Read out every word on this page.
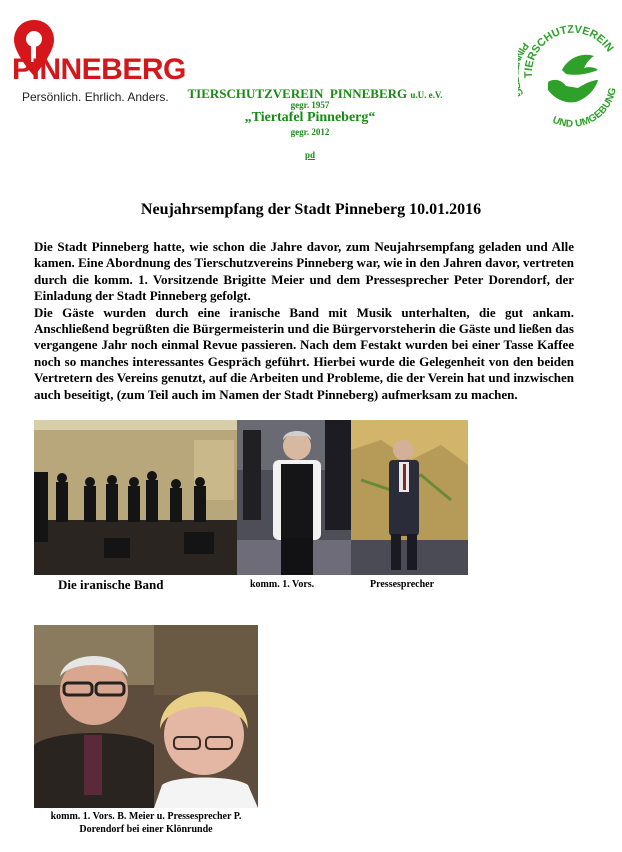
PINNEBERG
Persönlich. Ehrlich. Anders.	TIERSCHUTZVEREIN  PINNEBERG u.U. e.V.
gegr. 1957
„Tiertafel Pinneberg“
gegr. 2012
pd
TIERSCHUTZVEREIN
P
UND UMGEBUNG
Neujahrsempfang der Stadt Pinneberg 10.01.2016

Die Stadt Pinneberg hatte, wie schon die Jahre davor, zum Neujahrsempfang geladen und Alle kamen. Eine Abordnung des Tierschutzvereins Pinneberg war, wie in den Jahren davor, vertreten durch die komm. 1. Vorsitzende Brigitte Meier und dem Pressesprecher Peter Dorendorf, der Einladung der Stadt Pinneberg gefolgt.

Die Gäste wurden durch eine iranische Band mit Musik unterhalten, die gut ankam. Anschließend begrüßten die Bürgermeisterin und die Bürgervorsteherin die Gäste und ließen das vergangene Jahr noch einmal Revue passieren. Nach dem Festakt wurden bei einer Tasse Kaffee noch so manches interessantes Gespräch geführt. Hierbei wurde die Gelegenheit von den beiden Vertretern des Vereins genutzt, auf die Arbeiten und Probleme, die der Verein hat und inzwischen auch beseitigt, (zum Teil auch im Namen der Stadt Pinneberg) aufmerksam zu machen.

Die iranische Band	komm. 1. Vors.	Pressesprecher
komm. 1. Vors. B. Meier u. Pressesprecher P. Dorendorf bei einer Klönrunde
